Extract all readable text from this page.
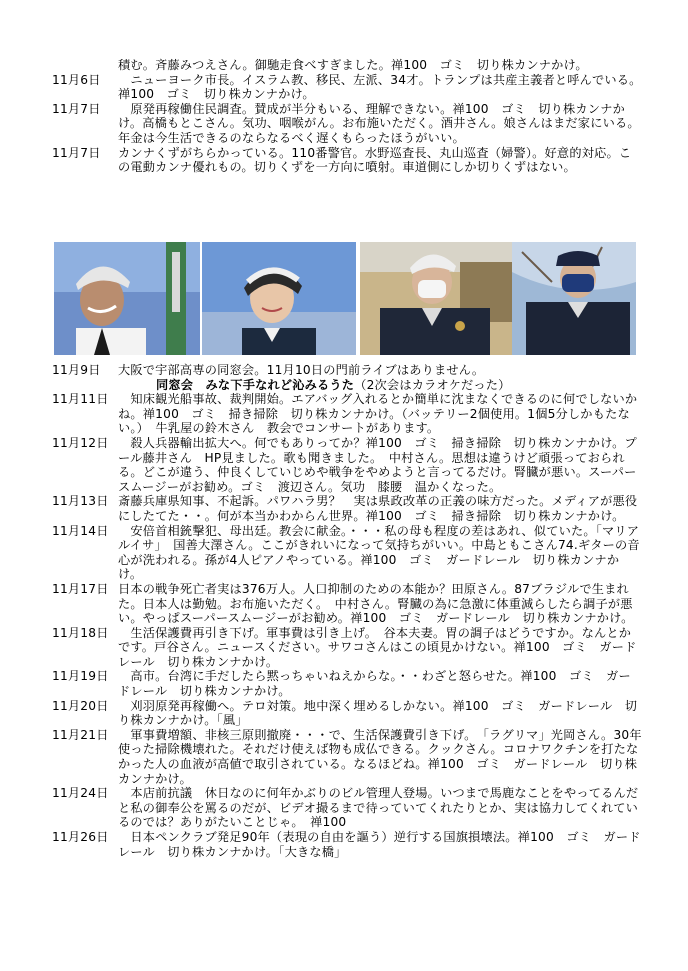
積む。斉藤みつえさん。御馳走食べすぎました。禅100　ゴミ　切り株カンナかけ。
11月6日	　ニューヨーク市長。イスラム教、移民、左派、34才。トランプは共産主義者と呼んでいる。禅100　ゴミ　切り株カンナかけ。
11月7日	　原発再稼働住民調査。賛成が半分もいる、理解できない。禅100　ゴミ　切り株カンナかけ。高橋もとこさん。気功、咽喉がん。お布施いただく。酒井さん。娘さんはまだ家にいる。年金は今生活できるのならなるべく遅くもらったほうがいい。
11月7日	カンナくずがちらかっている。110番警官。水野巡査長、丸山巡査（婦警）。好意的対応。この電動カンナ優れもの。切りくずを一方向に噴射。車道側にしか切りくずはない。
11月9日	大阪で宇部高専の同窓会。11月10日の門前ライブはありません。
同窓会　みな下手なれど沁みるうた（2次会はカラオケだった）
11月11日 　知床観光船事故、裁判開始。エアバッグ入れるとか簡単に沈まなくできるのに何でしないかね。禅100　ゴミ　掃き掃除　切り株カンナかけ。（バッテリー2個使用。1個5分しかもたない。）　牛乳屋の鈴木さん　教会でコンサートがあります。
11月12日 　殺人兵器輸出拡大へ。何でもありってか？禅100　ゴミ　掃き掃除　切り株カンナかけ。プール藤井さん　HP見ました。歌も聞きました。　中村さん。思想は違うけど頑張っておられる。どこが違う、仲良くしていじめや戦争をやめようと言ってるだけ。腎臓が悪い。スーパースムージーがお勧め。ゴミ　渡辺さん。気功　膝腰　温かくなった。
11月13日 斎藤兵庫県知事、不起訴。パワハラ男？　実は県政改革の正義の味方だった。メディアが悪役にしたてた・・。何が本当かわからん世界。禅100　ゴミ　掃き掃除　切り株カンナかけ。
11月14日 　安倍首相銃撃犯、母出廷。教会に献金。・・・私の母も程度の差はあれ、似ていた。「マリアルイサ」　国善大澤さん。ここがきれいになって気持ちがいい。中島ともこさん74.ギターの音　心が洗われる。孫が4人ピアノやっている。禅100　ゴミ　ガードレール　切り株カンナかけ。
11月17日 日本の戦争死亡者実は376万人。人口抑制のための本能か？田原さん。87ブラジルで生まれた。日本人は勤勉。お布施いただく。　中村さん。腎臓の為に急激に体重減らしたら調子が悪い。やっぱスーパースムージーがお勧め。禅100　ゴミ　ガードレール　切り株カンナかけ。
11月18日 　生活保護費再引き下げ。軍事費は引き上げ。　谷本夫妻。胃の調子はどうですか。なんとかです。戸谷さん。ニュースください。サワコさんはこの頃見かけない。禅100　ゴミ　ガードレール　切り株カンナかけ。
11月19日 　高市。台湾に手だしたら黙っちゃいねえからな。・・わざと怒らせた。禅100　ゴミ　ガードレール　切り株カンナかけ。
11月20日 　刈羽原発再稼働へ。テロ対策。地中深く埋めるしかない。禅100　ゴミ　ガードレール　切り株カンナかけ。「風」
11月21日 　軍事費増額、非核三原則撤廃・・・で、生活保護費引き下げ。　「ラグリマ」光岡さん。30年使った掃除機壊れた。それだけ使えば物も成仏できる。クックさん。コロナワクチンを打たなかった人の血液が高値で取引されている。なるほどね。禅100　ゴミ　ガードレール　切り株カンナかけ。
11月24日 　本店前抗議　休日なのに何年かぶりのビル管理人登場。いつまで馬鹿なことをやってるんだと私の御奉公を罵るのだが、ビデオ撮るまで待っていてくれたりとか、実は協力してくれているのでは？ありがたいことじゃ。　禅100
11月26日 　日本ペンクラブ発足90年（表現の自由を謳う）逆行する国旗損壊法。禅100　ゴミ　ガードレール　切り株カンナかけ。「大きな橋」
